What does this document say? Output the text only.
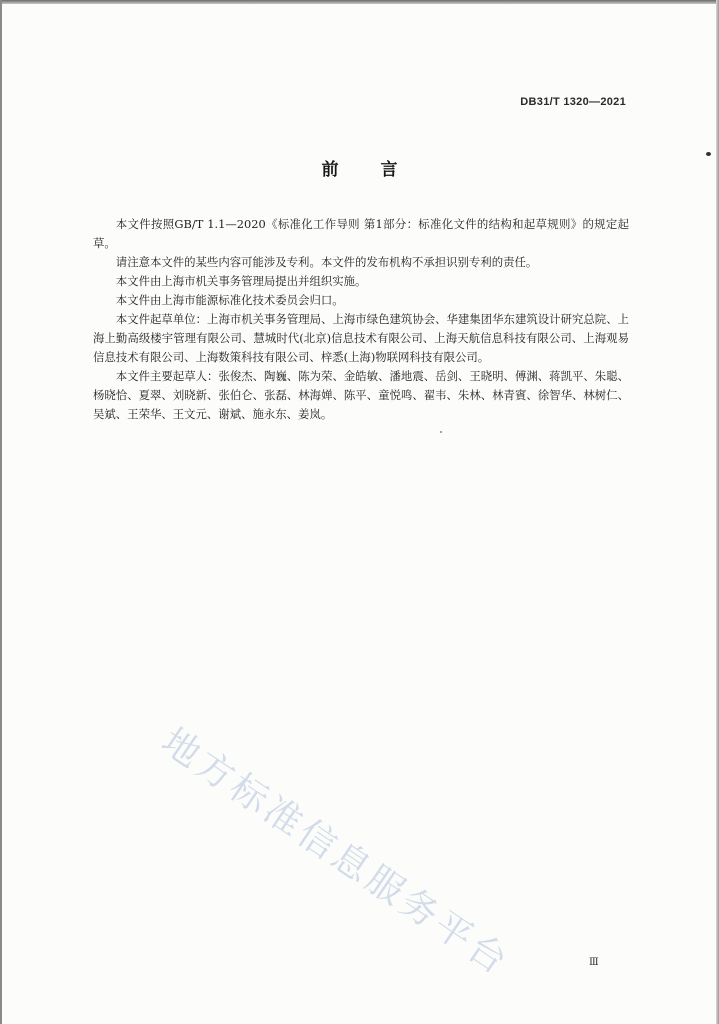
DB31/T 1320—2021
前言

本文件按照GB/T 1.1—2020《标准化工作导则 第1部分：标准化文件的结构和起草规则》的规定起草。

请注意本文件的某些内容可能涉及专利。本文件的发布机构不承担识别专利的责任。

本文件由上海市机关事务管理局提出并组织实施。

本文件由上海市能源标准化技术委员会归口。

本文件起草单位：上海市机关事务管理局、上海市绿色建筑协会、华建集团华东建筑设计研究总院、上海上勤高级楼宇管理有限公司、慧城时代(北京)信息技术有限公司、上海天航信息科技有限公司、上海观易信息技术有限公司、上海数策科技有限公司、梓悉(上海)物联网科技有限公司。

本文件主要起草人：张俊杰、陶巍、陈为荣、金皓敏、潘地震、岳剑、王晓明、傅渊、蒋凯平、朱聪、杨晓恰、夏翠、刘晓新、张伯仑、张磊、林海婵、陈平、童悦鸣、翟韦、朱林、林青賓、徐智华、林树仁、吴斌、王荣华、王文元、谢斌、施永东、姜岚。

地方标准信息服务平台	Ⅲ
